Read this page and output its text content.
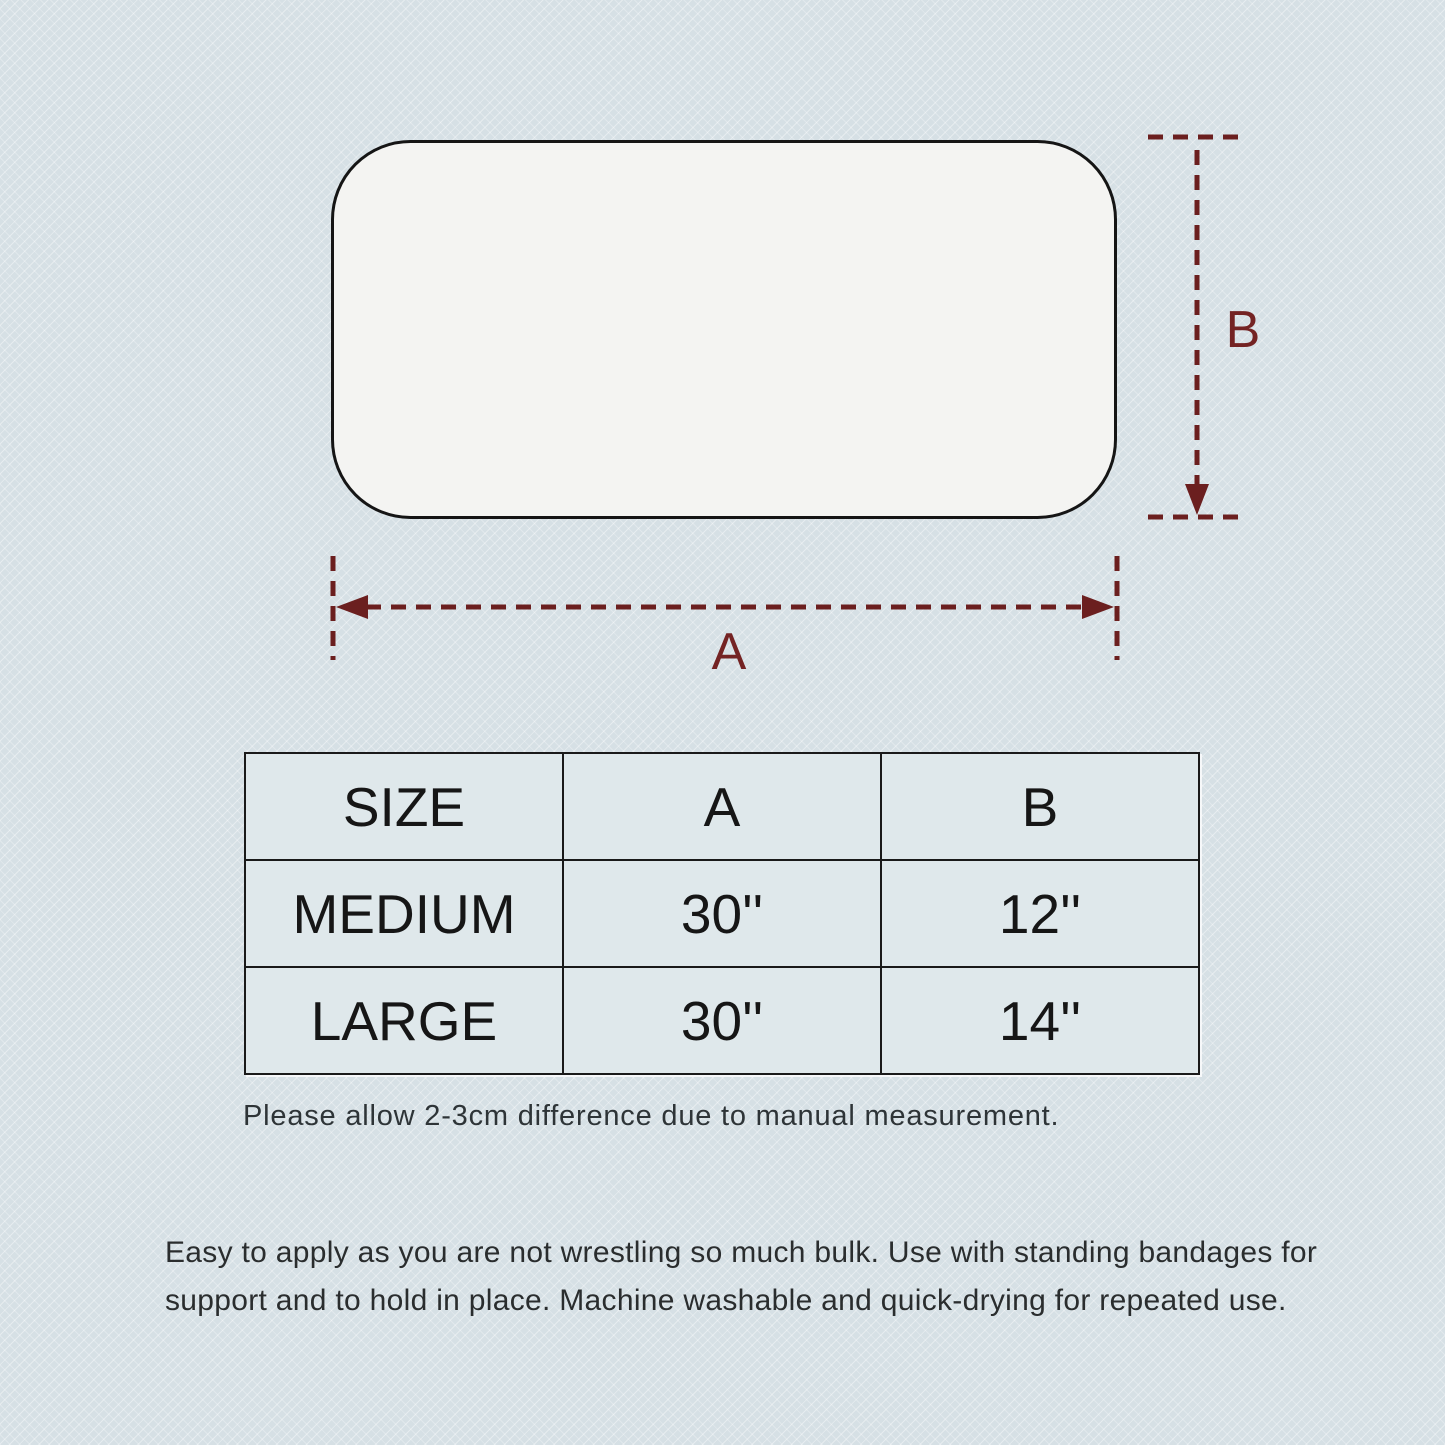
A
B
SIZE	A	B
MEDIUM	30''	12''
LARGE	30''	14''
Please allow 2-3cm difference due to manual measurement.
Easy to apply as you are not wrestling so much bulk. Use with standing bandages for support and to hold in place. Machine washable and quick-drying for repeated use.
